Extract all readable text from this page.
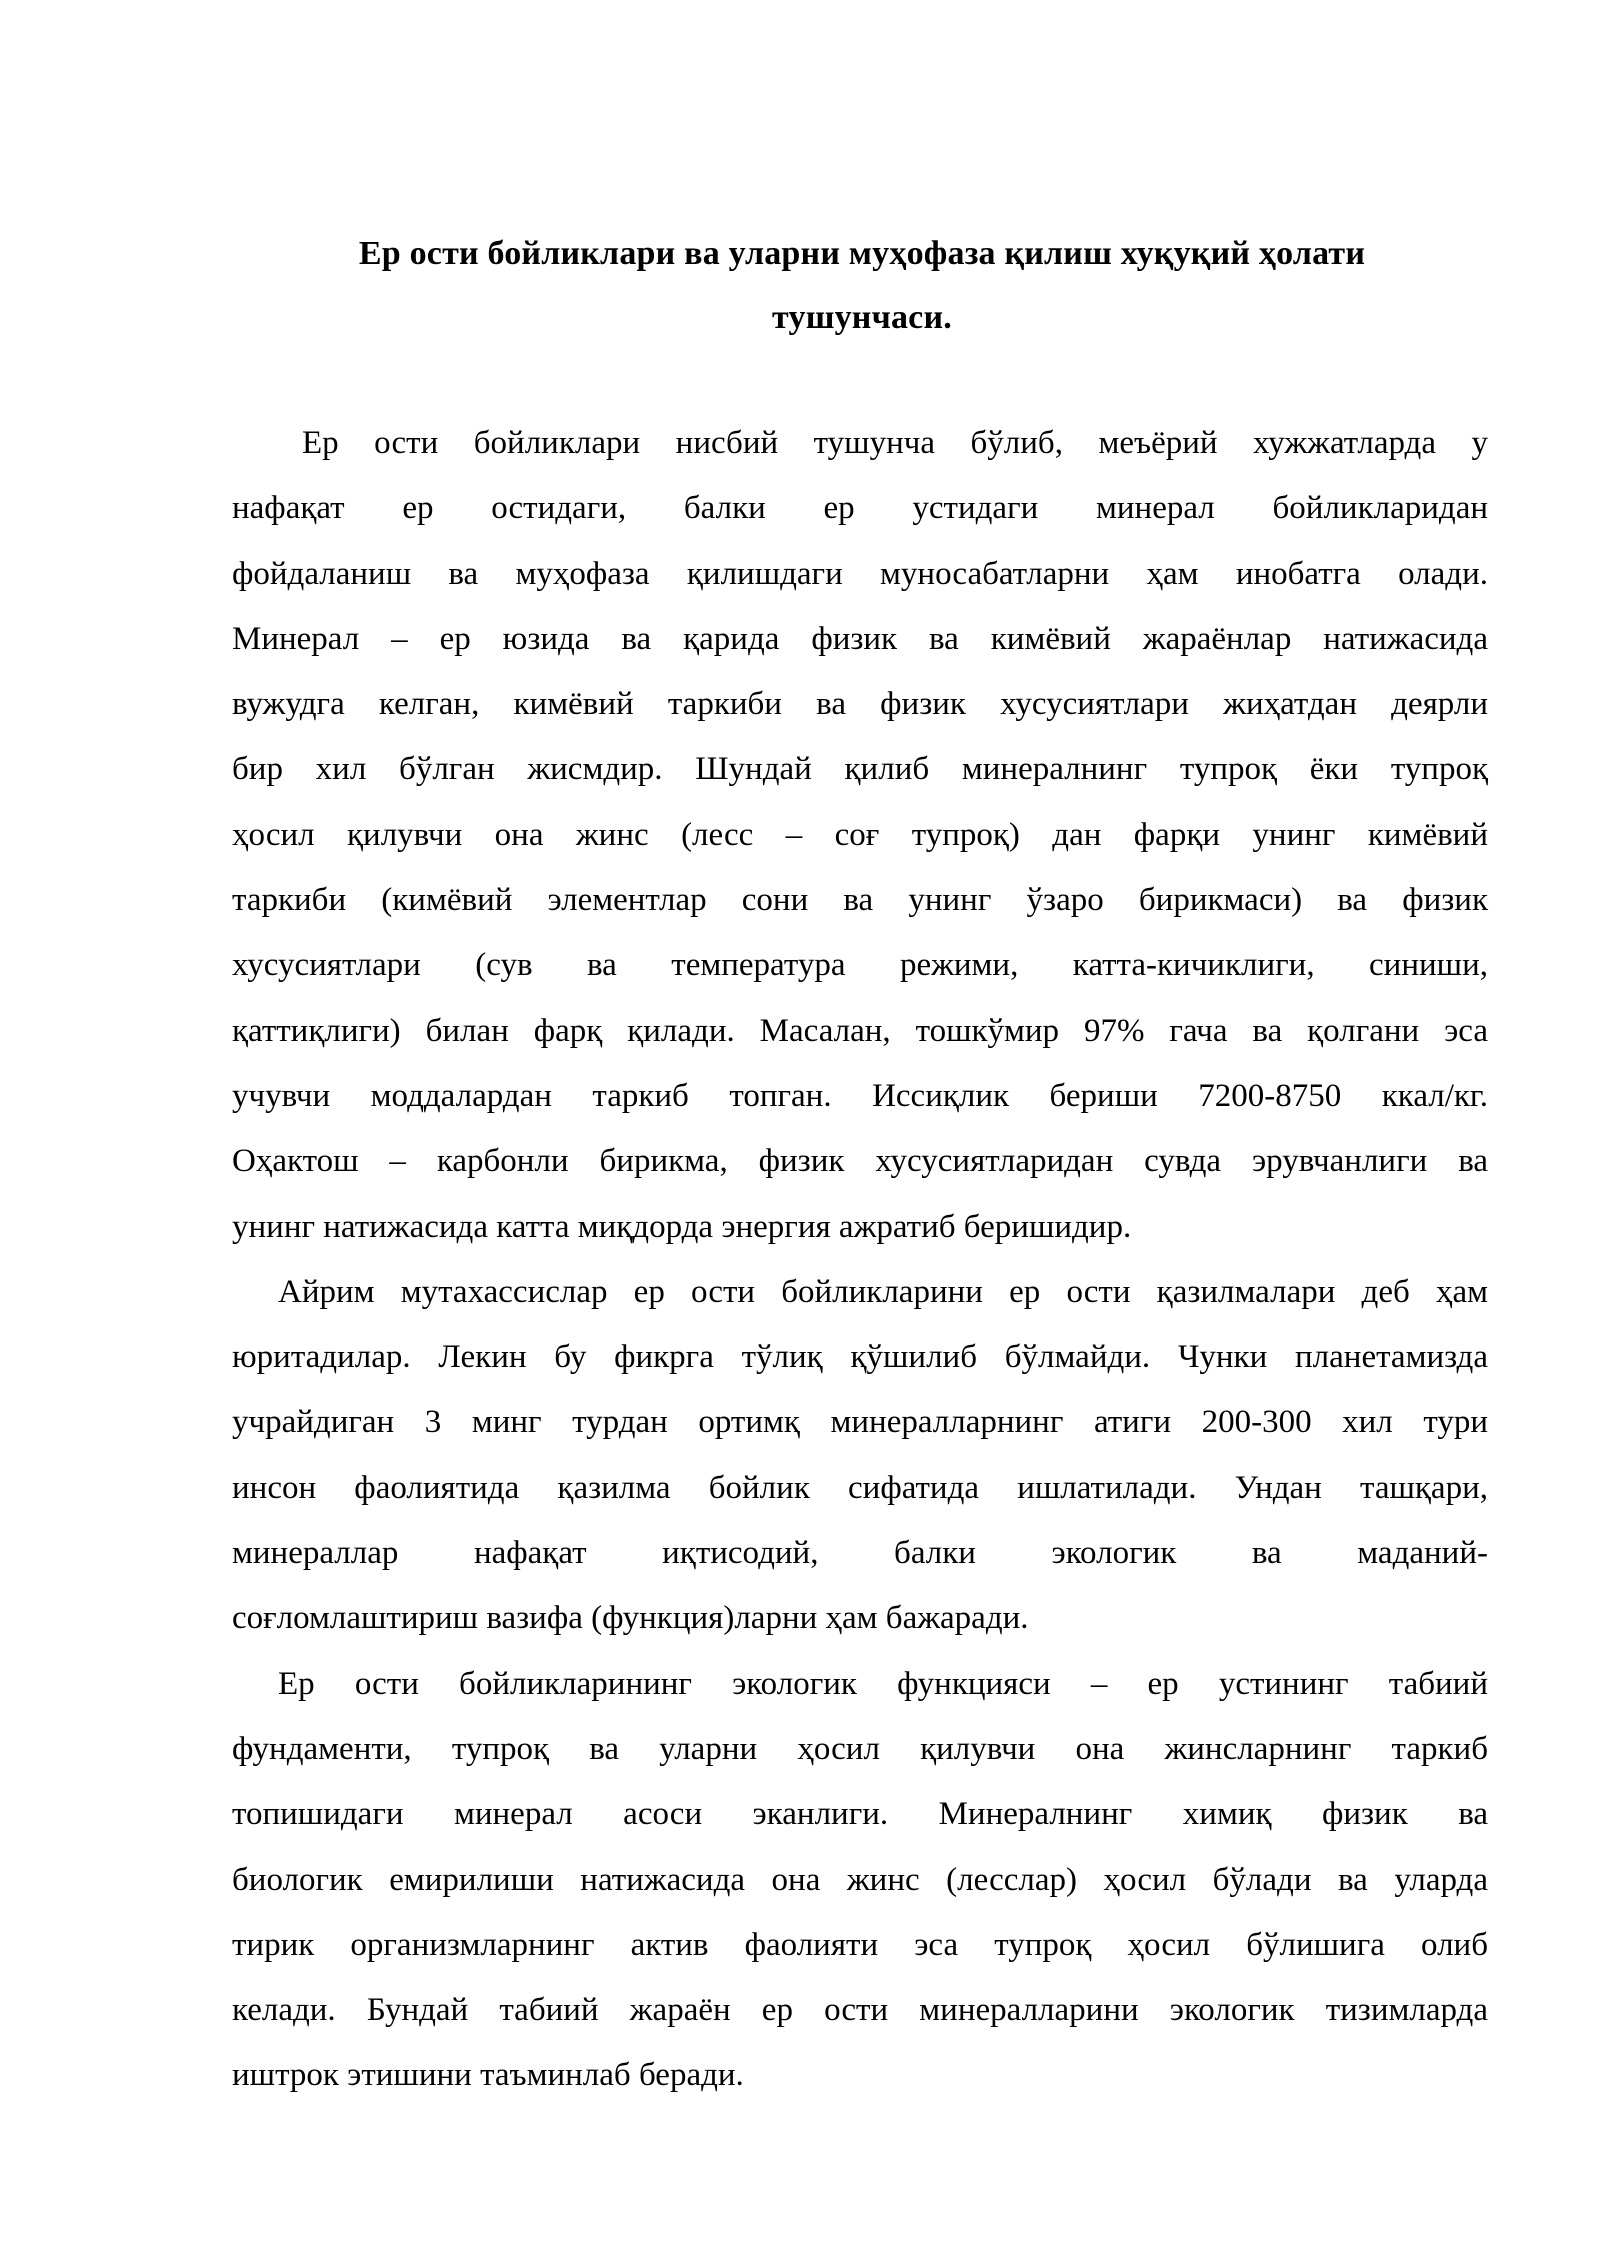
Ер ости бойликлари ва уларни муҳофаза қилиш хуқуқий ҳолати
тушунчаси.

Ер ости бойликлари нисбий тушунча бўлиб, меъёрий хужжатларда у
нафақат ер остидаги, балки ер устидаги минерал бойликларидан
фойдаланиш ва муҳофаза қилишдаги муносабатларни ҳам инобатга олади.
Минерал – ер юзида ва қарида физик ва кимёвий жараёнлар натижасида
вужудга келган, кимёвий таркиби ва физик хусусиятлари жиҳатдан деярли
бир хил бўлган жисмдир. Шундай қилиб минералнинг тупроқ ёки тупроқ
ҳосил қилувчи она жинс (лесс – соғ тупроқ) дан фарқи унинг кимёвий
таркиби (кимёвий элементлар сони ва унинг ўзаро бирикмаси) ва физик
хусусиятлари (сув ва температура режими, катта-кичиклиги, синиши,
қаттиқлиги) билан фарқ қилади. Масалан, тошкўмир 97% гача ва қолгани эса
учувчи моддалардан таркиб топган. Иссиқлик бериши 7200-8750 ккал/кг.
Оҳактош – карбонли бирикма, физик хусусиятларидан сувда эрувчанлиги ва
унинг натижасида катта миқдорда энергия ажратиб беришидир.

Айрим мутахассислар ер ости бойликларини ер ости қазилмалари деб ҳам
юритадилар. Лекин бу фикрга тўлиқ қўшилиб бўлмайди. Чунки планетамизда
учрайдиган 3 минг турдан ортимқ минералларнинг атиги 200-300 хил тури
инсон фаолиятида қазилма бойлик сифатида ишлатилади. Ундан ташқари,
минераллар нафақат иқтисодий, балки экологик ва маданий-
соғломлаштириш вазифа (функция)ларни ҳам бажаради.

Ер ости бойликларининг экологик функцияси – ер устининг табиий
фундаменти, тупроқ ва уларни ҳосил қилувчи она жинсларнинг таркиб
топишидаги минерал асоси эканлиги. Минералнинг химиқ физик ва
биологик емирилиши натижасида она жинс (лесслар) ҳосил бўлади ва уларда
тирик организмларнинг актив фаолияти эса тупроқ ҳосил бўлишига олиб
келади. Бундай табиий жараён ер ости минералларини экологик тизимларда
иштрок этишини таъминлаб беради.
